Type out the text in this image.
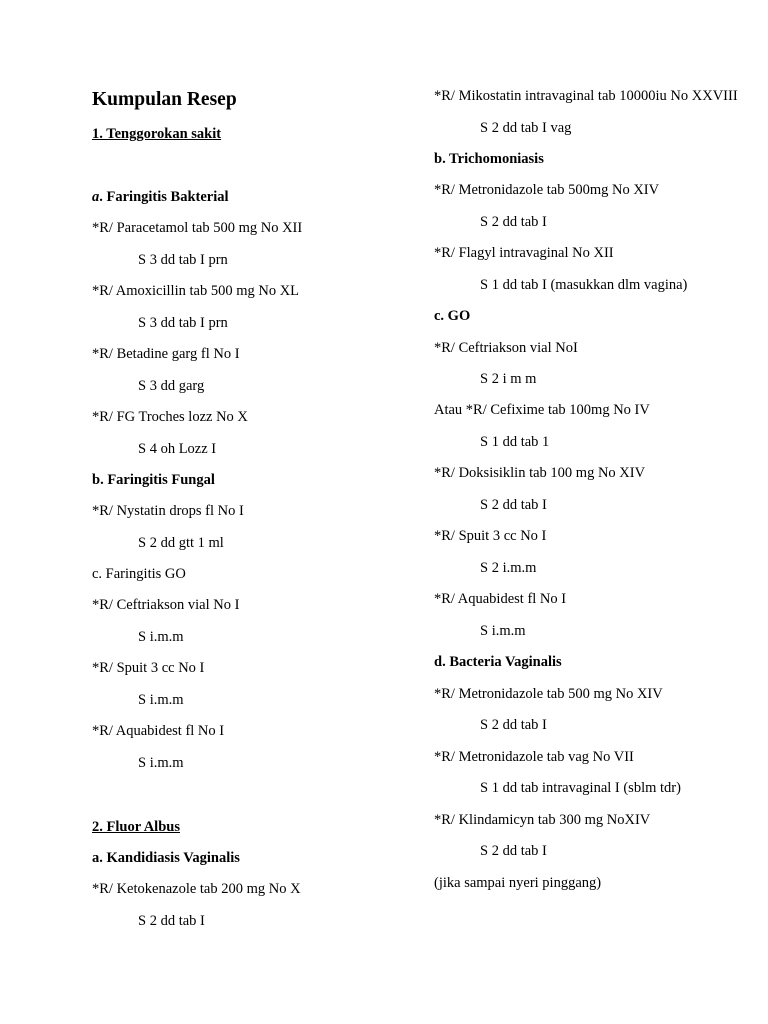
Kumpulan Resep
1. Tenggorokan sakit
a. Faringitis Bakterial
*R/ Paracetamol tab 500 mg No XII
S 3 dd tab I prn
*R/ Amoxicillin tab 500 mg No XL
S 3 dd tab I prn
*R/ Betadine garg fl No I
S 3 dd garg
*R/ FG Troches lozz No X
S 4 oh Lozz I
b. Faringitis Fungal
*R/ Nystatin drops fl No I
S 2 dd gtt 1 ml
c. Faringitis GO
*R/ Ceftriakson vial No I
S i.m.m
*R/ Spuit 3 cc No I
S i.m.m
*R/ Aquabidest fl No I
S i.m.m
2. Fluor Albus
a. Kandidiasis Vaginalis
*R/ Ketokenazole tab 200 mg No X
S 2 dd tab I
*R/ Mikostatin intravaginal tab 10000iu No XXVIII
S 2 dd tab I vag
b. Trichomoniasis
*R/ Metronidazole tab 500mg No XIV
S 2 dd tab I
*R/ Flagyl intravaginal No XII
S 1 dd tab I (masukkan dlm vagina)
c. GO
*R/ Ceftriakson vial NoI
S 2 i m m
Atau *R/ Cefixime tab 100mg No IV
S 1 dd tab 1
*R/ Doksisiklin tab 100 mg No XIV
S 2 dd tab I
*R/ Spuit 3 cc No I
S 2 i.m.m
*R/ Aquabidest fl No I
S i.m.m
d. Bacteria Vaginalis
*R/ Metronidazole tab 500 mg No XIV
S 2 dd tab I
*R/ Metronidazole tab vag No VII
S 1 dd tab intravaginal I (sblm tdr)
*R/ Klindamicyn tab 300 mg NoXIV
S 2 dd tab I
(jika sampai nyeri pinggang)
